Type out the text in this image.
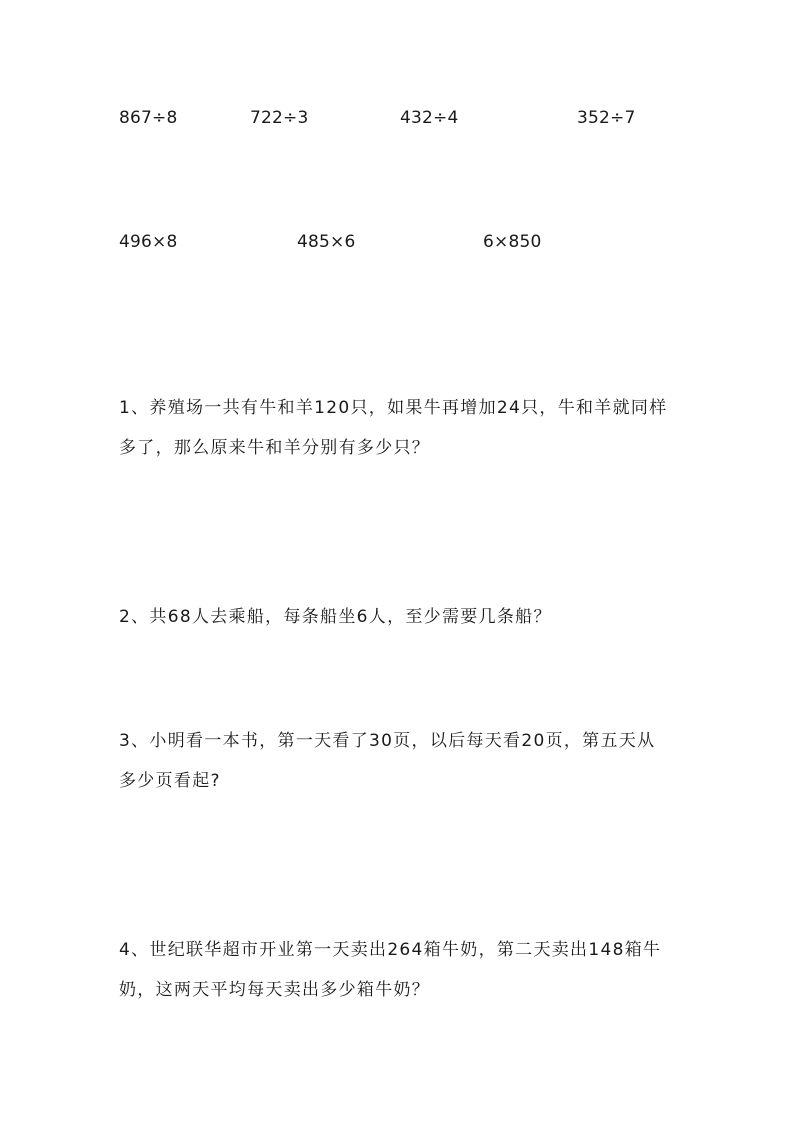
867÷8	722÷3	432÷4	352÷7
496×8	485×6	6×850
1、养殖场一共有牛和羊120只，如果牛再增加24只，牛和羊就同样
多了，那么原来牛和羊分别有多少只？
2、共68人去乘船，每条船坐6人，至少需要几条船？
3、小明看一本书，第一天看了30页，以后每天看20页，第五天从
多少页看起?
4、世纪联华超市开业第一天卖出264箱牛奶，第二天卖出148箱牛
奶，这两天平均每天卖出多少箱牛奶？
